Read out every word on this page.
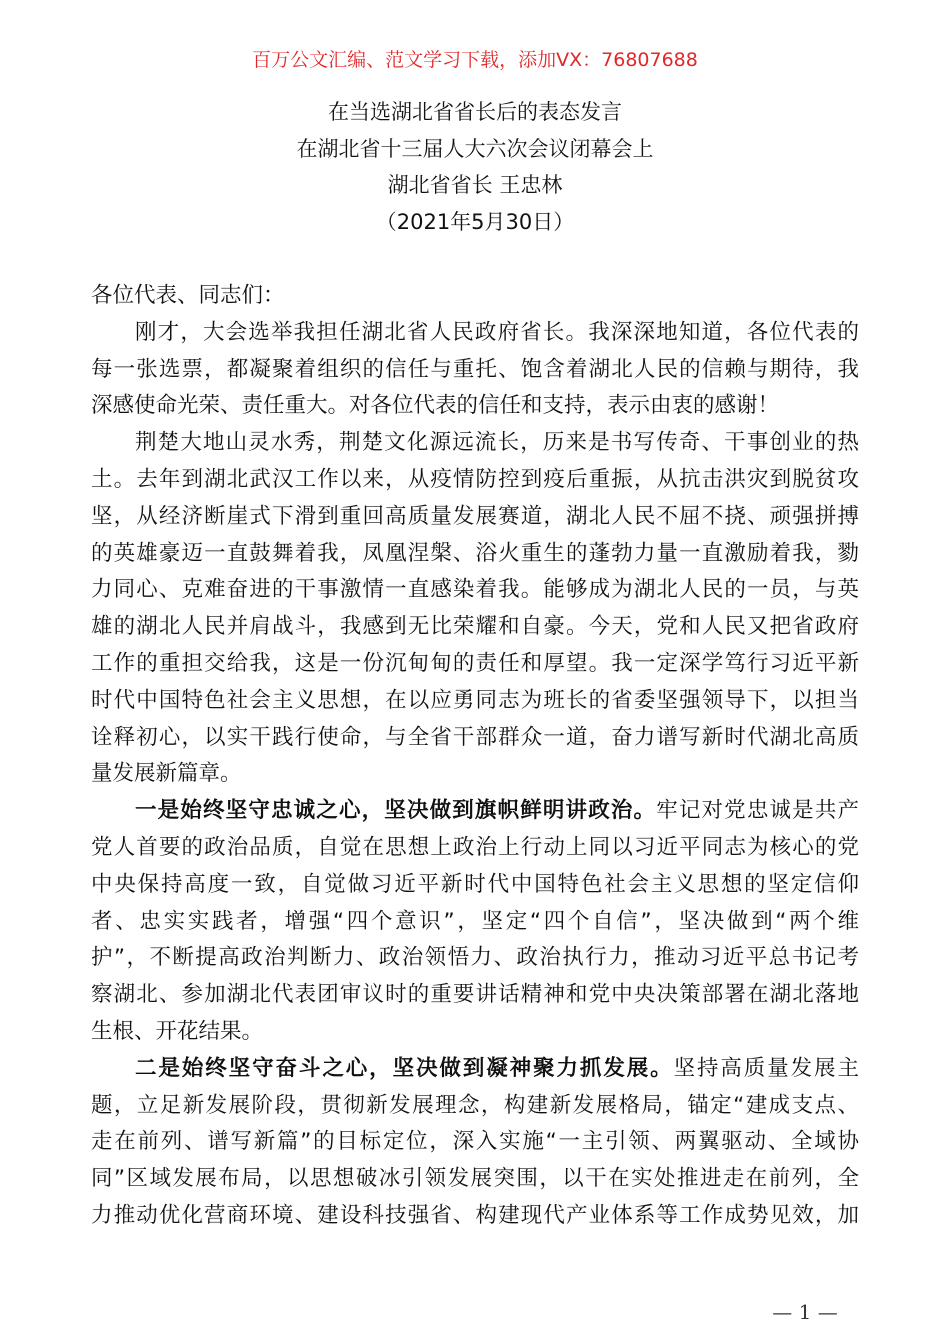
百万公文汇编、范文学习下载，添加VX：76807688
在当选湖北省省长后的表态发言
在湖北省十三届人大六次会议闭幕会上
湖北省省长 王忠林
（2021年5月30日）
各位代表、同志们：
刚才，大会选举我担任湖北省人民政府省长。我深深地知道，各位代表的
每一张选票，都凝聚着组织的信任与重托、饱含着湖北人民的信赖与期待，我
深感使命光荣、责任重大。对各位代表的信任和支持，表示由衷的感谢！
荆楚大地山灵水秀，荆楚文化源远流长，历来是书写传奇、干事创业的热
土。去年到湖北武汉工作以来，从疫情防控到疫后重振，从抗击洪灾到脱贫攻
坚，从经济断崖式下滑到重回高质量发展赛道，湖北人民不屈不挠、顽强拼搏
的英雄豪迈一直鼓舞着我，凤凰涅槃、浴火重生的蓬勃力量一直激励着我，勠
力同心、克难奋进的干事激情一直感染着我。能够成为湖北人民的一员，与英
雄的湖北人民并肩战斗，我感到无比荣耀和自豪。今天，党和人民又把省政府
工作的重担交给我，这是一份沉甸甸的责任和厚望。我一定深学笃行习近平新
时代中国特色社会主义思想，在以应勇同志为班长的省委坚强领导下，以担当
诠释初心，以实干践行使命，与全省干部群众一道，奋力谱写新时代湖北高质
量发展新篇章。
一是始终坚守忠诚之心，坚决做到旗帜鲜明讲政治。牢记对党忠诚是共产
党人首要的政治品质，自觉在思想上政治上行动上同以习近平同志为核心的党
中央保持高度一致，自觉做习近平新时代中国特色社会主义思想的坚定信仰
者、忠实实践者，增强“四个意识”，坚定“四个自信”，坚决做到“两个维
护”，不断提高政治判断力、政治领悟力、政治执行力，推动习近平总书记考
察湖北、参加湖北代表团审议时的重要讲话精神和党中央决策部署在湖北落地
生根、开花结果。
二是始终坚守奋斗之心，坚决做到凝神聚力抓发展。坚持高质量发展主
题，立足新发展阶段，贯彻新发展理念，构建新发展格局，锚定“建成支点、
走在前列、谱写新篇”的目标定位，深入实施“一主引领、两翼驱动、全域协
同”区域发展布局，以思想破冰引领发展突围，以干在实处推进走在前列，全
力推动优化营商环境、建设科技强省、构建现代产业体系等工作成势见效，加
— 1 —
